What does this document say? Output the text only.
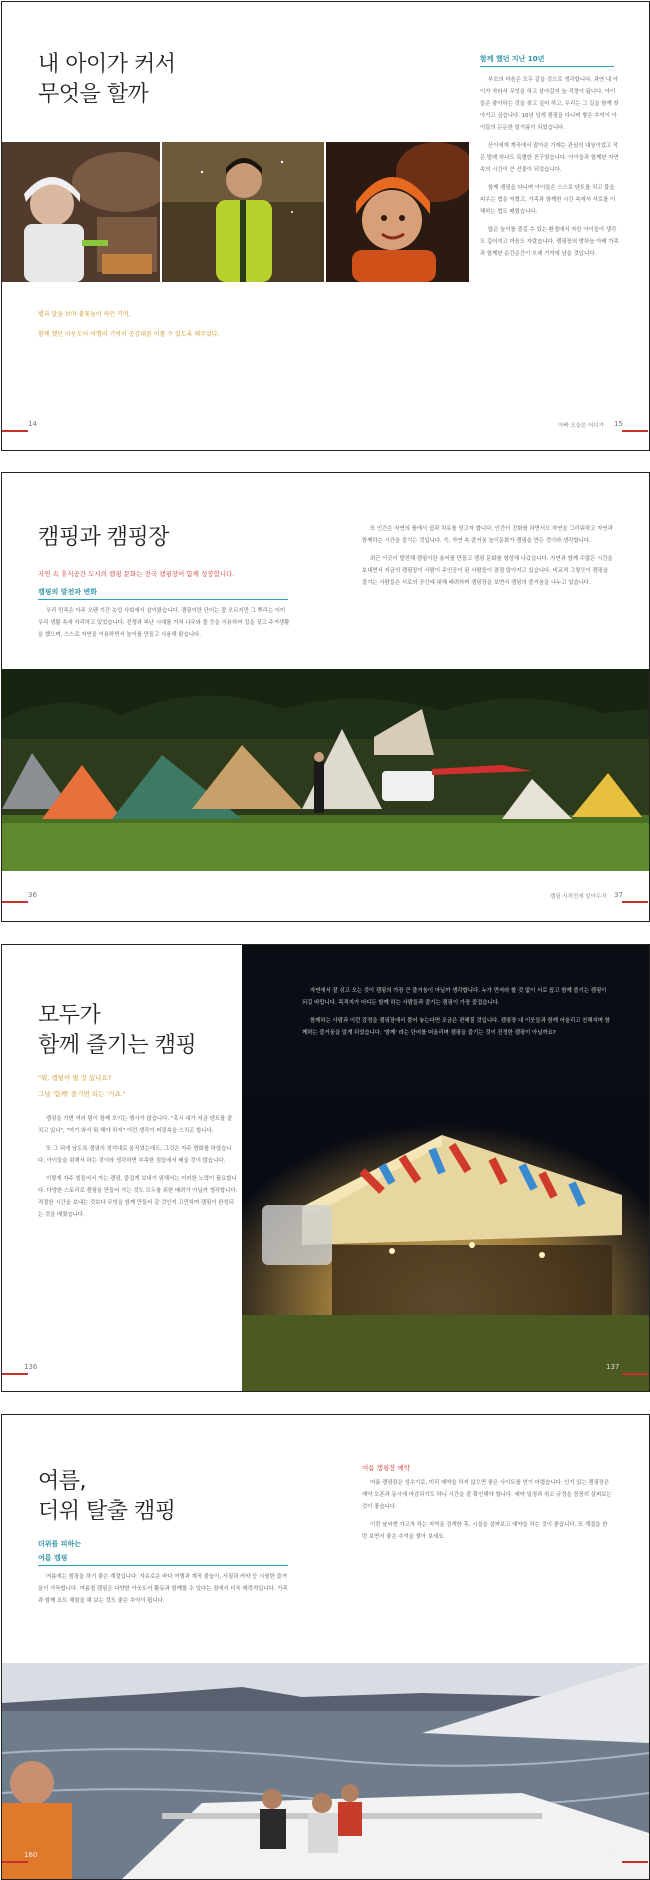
내 아이가 커서
무엇을 할까
별과 달을 보며 불꽃놀이 하던 기억,
함께 했던 아웃도어 여행의 기억이 공감대를 이룰 수 있도록 해주었다.
함께 했던 지난 10년

부모의 마음은 모두 같을 것으로 생각합니다. 과연 내 아이가 자라서 무엇을 하고 살아갈지 늘 걱정이 됩니다. 아이들은 좋아하는 것을 찾고 싶어 하고, 우리는 그 길을 함께 찾아가고 싶습니다. 10년 넘게 캠핑을 다니며 쌓은 추억이 아이들의 든든한 밑거름이 되었습니다.

산이에게 계곡에서 잡아온 가재는 관심의 대상이었고 작은 벌레 하나도 특별한 친구였습니다. 아이들과 함께한 자연 속의 시간이 큰 선물이 되었습니다.

함께 캠핑을 다니며 아이들은 스스로 텐트를 치고 불을 피우는 법을 익혔고, 가족과 함께한 시간 속에서 서로를 이해하는 법도 배웠습니다.

많은 놀이를 즐길 수 있는 환경에서 자란 아이들이 생각도 깊어지고 마음도 자랐습니다. 캠핑장의 밤하늘 아래 가족과 함께한 순간순간이 오래 기억에 남을 것입니다.

14	아빠 오늘은 어디가 15
캠핑과 캠핑장
자연 속 휴식공간 도시의 캠핑 문화는 전국 캠핑장이 함께 성장합니다.
캠핑의 발전과 변화

우리 민족은 아주 오랜 기간 농업 사회에서 살아왔습니다. 캠핑이란 단어는 잘 모르지만 그 뿌리는 이미 우리 생활 속에 자리하고 있었습니다. 전쟁과 피난 시대를 거쳐 나무와 풀 등을 이용하여 집을 짓고 주거생활을 했으며, 스스로 자연을 이용하면서 놀이를 만들고 사용해 왔습니다.

또 인간은 자연의 품에서 쉼과 치유를 얻고자 합니다. 인간이 진화를 하면서도 자연을 그리워하고 자연과 함께하는 시간을 즐기는 것입니다. 즉, 자연 속 즐거움 놀이문화가 캠핑을 만든 것이라 생각합니다.

최근 이곳이 발전해 캠핑이란 용어를 만들고 캠핑 문화를 형성해 나갔습니다. 자연과 함께 수많은 시간을 보내면서 지금의 캠핑장이 사람이 주인공이 된 사람들이 점점 많아지고 있습니다. 비교적 그렇듯이 캠핑을 즐기는 사람들은 서로의 공간에 대해 배려하며 캠핑장을 보면서 캠핑의 즐거움을 나누고 있습니다.

36	캠핑 시작전에 알아두자 37
모두가
함께 즐기는 캠핑
"뭐, 캠핑이 별 것 있나요?
그냥 '함께' 즐기면 되는 '거죠."

캠핑을 가면 여러 팀이 함께 모이는 행사가 많습니다. "혹시 내가 지금 텐트를 잘 치고 있나", "여기 와서 뭐 해야 하지" 이런 생각이 머릿속을 스치곤 합니다.

또 그 뒤에 남도록 캠핑의 정석대로 움직였는데도, 그것은 자주 변화를 하였습니다. 아이들을 위해서 하는 것이라 생각하면 부족한 점들에서 배울 것이 많습니다.

이렇게 자주 힘들어서 가는 캠핑, 즐겁게 보내기 위해서는 이러한 노력이 필요합니다. 다양한 스토리로 캠핑을 만들어 가는 것도 모두를 위한 배려가 아닐까 생각합니다. 적절한 시간을 보내는 것보다 무엇을 함께 만들어 갈 것인지 고민하며 캠핑이 완성되는 것을 배웠습니다.

자연에서 잘 쉬고 오는 것이 캠핑의 가장 큰 즐거움이 아닐까 생각합니다. 누가 먼저라 할 것 없이 서로 돕고 함께 즐기는 캠핑이 되길 바랍니다. 목적지가 어디든 함께 하는 사람들과 즐기는 캠핑이 가장 즐겁습니다.

함께하는 사람과 이런 감정을 캠핑장에서 풀어 놓는다면 조금은 편해질 것입니다. 캠핑장 내 이웃들과 함께 어울리고 친해지며 함께하는 즐거움을 알게 되었습니다. '함께' 라는 단어를 떠올리며 캠핑을 즐기는 것이 진정한 캠핑이 아닐까요?

136	137
여름,
더위 탈출 캠핑
더위를 피하는
여름 캠핑

여름에는 캠핑을 하기 좋은 계절입니다. 자유로운 바다 여행과 계곡 물놀이, 서핑과 카약 등 시원한 즐거움이 가득합니다. 여름철 캠핑은 다양한 아웃도어 활동과 함께할 수 있다는 점에서 더욱 매력적입니다. 가족과 함께 요트 체험을 해 보는 것도 좋은 추억이 됩니다.

여름 캠핑장 예약

여름 캠핑장은 성수기로, 미리 예약을 하지 않으면 좋은 사이트를 얻기 어렵습니다. 인기 있는 캠핑장은 예약 오픈과 동시에 마감되기도 하니 시간을 잘 확인해야 합니다. 예약 일정과 취소 규정을 꼼꼼히 살펴보는 것이 좋습니다.

이런 날씨엔 가고자 하는 지역을 검색한 후, 시설을 살펴보고 예약을 하는 것이 좋습니다. 또 계절을 한 번 보면서 좋은 추억을 쌓아 보세요.

160	161
